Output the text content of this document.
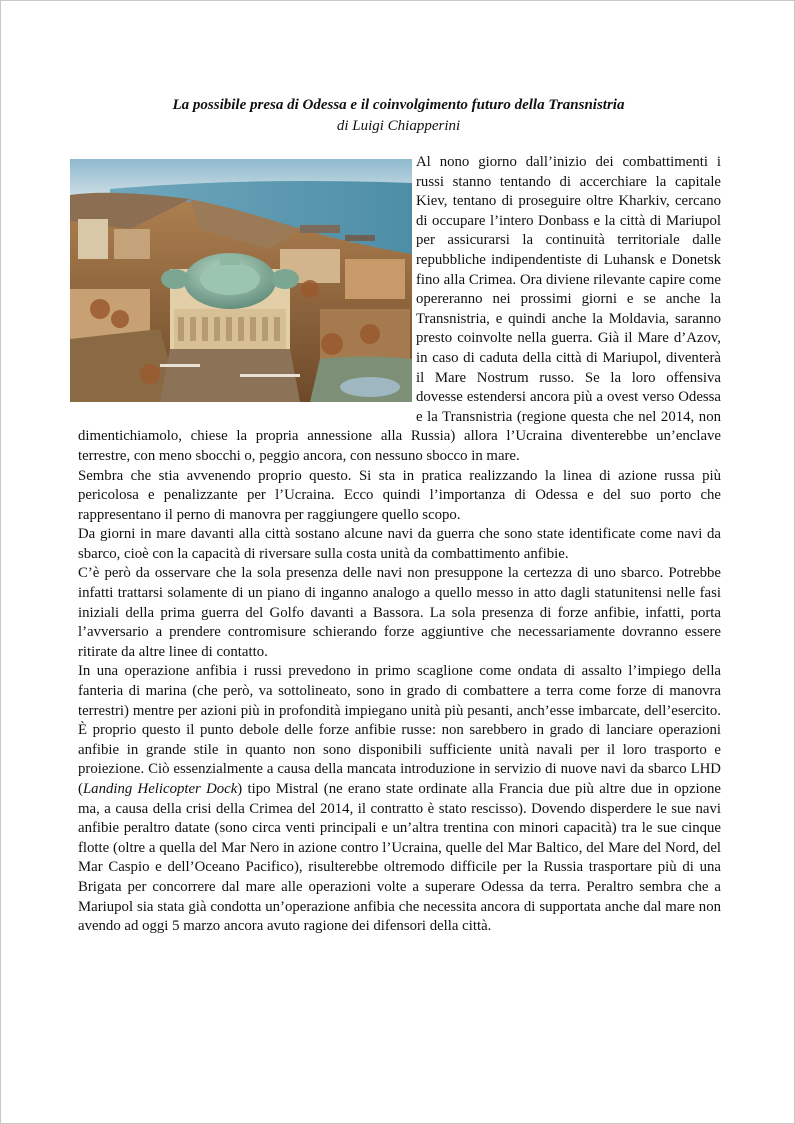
La possibile presa di Odessa e il coinvolgimento futuro della Transnistria
di Luigi Chiapperini

Al nono giorno dall’inizio dei combattimenti i russi stanno tentando di accerchiare la capitale Kiev, tentano di proseguire oltre Kharkiv, cercano di occupare l’intero Donbass e la città di Mariupol per assicurarsi la continuità territoriale dalle repubbliche indipendentiste di Luhansk e Donetsk fino alla Crimea. Ora diviene rilevante capire come opereranno nei prossimi giorni e se anche la Transnistria, e quindi anche la Moldavia, saranno presto coinvolte nella guerra. Già il Mare d’Azov, in caso di caduta della città di Mariupol, diventerà il Mare Nostrum russo. Se la loro offensiva dovesse estendersi ancora più a ovest verso Odessa e la Transnistria (regione questa che nel 2014, non dimentichiamolo, chiese la propria annessione alla Russia) allora l’Ucraina diventerebbe un’enclave terrestre, con meno sbocchi o, peggio ancora, con nessuno sbocco in mare.

Sembra che stia avvenendo proprio questo. Si sta in pratica realizzando la linea di azione russa più pericolosa e penalizzante per l’Ucraina. Ecco quindi l’importanza di Odessa e del suo porto che rappresentano il perno di manovra per raggiungere quello scopo.

Da giorni in mare davanti alla città sostano alcune navi da guerra che sono state identificate come navi da sbarco, cioè con la capacità di riversare sulla costa unità da combattimento anfibie.

C’è però da osservare che la sola presenza delle navi non presuppone la certezza di uno sbarco. Potrebbe infatti trattarsi solamente di un piano di inganno analogo a quello messo in atto dagli statunitensi nelle fasi iniziali della prima guerra del Golfo davanti a Bassora. La sola presenza di forze anfibie, infatti, porta l’avversario a prendere contromisure schierando forze aggiuntive che necessariamente dovranno essere ritirate da altre linee di contatto.

In una operazione anfibia i russi prevedono in primo scaglione come ondata di assalto l’impiego della fanteria di marina (che però, va sottolineato, sono in grado di combattere a terra come forze di manovra terrestri) mentre per azioni più in profondità impiegano unità più pesanti, anch’esse imbarcate, dell’esercito. È proprio questo il punto debole delle forze anfibie russe: non sarebbero in grado di lanciare operazioni anfibie in grande stile in quanto non sono disponibili sufficiente unità navali per il loro trasporto e proiezione. Ciò essenzialmente a causa della mancata introduzione in servizio di nuove navi da sbarco LHD (Landing Helicopter Dock) tipo Mistral (ne erano state ordinate alla Francia due più altre due in opzione ma, a causa della crisi della Crimea del 2014, il contratto è stato rescisso). Dovendo disperdere le sue navi anfibie peraltro datate (sono circa venti principali e un’altra trentina con minori capacità) tra le sue cinque flotte (oltre a quella del Mar Nero in azione contro l’Ucraina, quelle del Mar Baltico, del Mare del Nord, del Mar Caspio e dell’Oceano Pacifico), risulterebbe oltremodo difficile per la Russia trasportare più di una Brigata per concorrere dal mare alle operazioni volte a superare Odessa da terra. Peraltro sembra che a Mariupol sia stata già condotta un’operazione anfibia che necessita ancora di supportata anche dal mare non avendo ad oggi 5 marzo ancora avuto ragione dei difensori della città.
